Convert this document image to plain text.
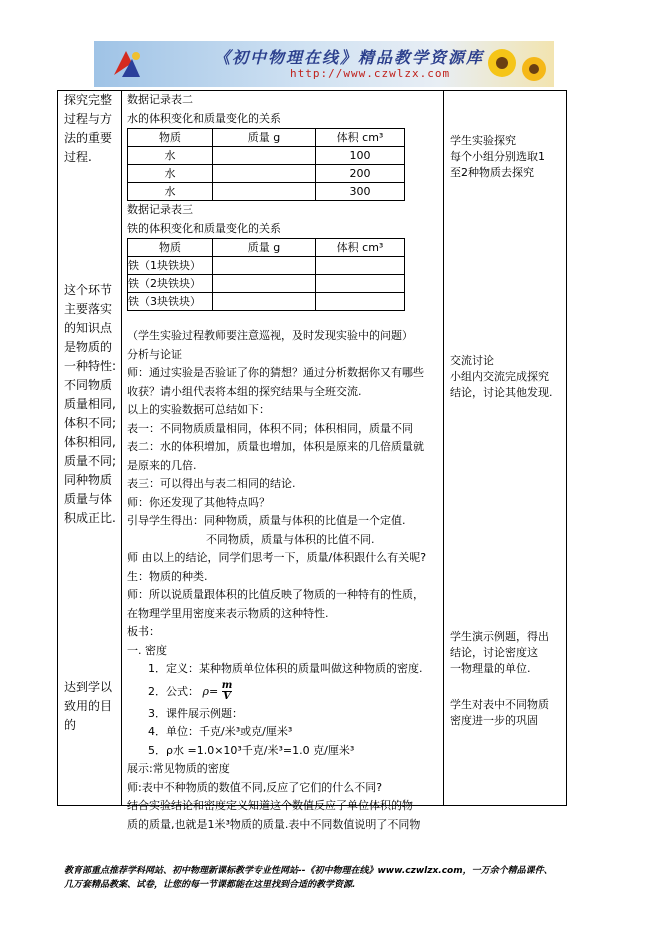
《初中物理在线》精品教学资源库
http://www.czwlzx.com
探究完整
过程与方
法的重要
过程.
这个环节
主要落实
的知识点
是物质的
一种特性:
不同物质
质量相同,
体积不同;
体积相同,
质量不同;
同种物质
质量与体
积成正比.
达到学以
致用的目
的

数据记录表二
水的体积变化和质量变化的关系
物质	质量 g	体积 cm³
水		100
水		200
水		300
数据记录表三
铁的体积变化和质量变化的关系
物质	质量 g	体积 cm³
铁（1块铁块）		
铁（2块铁块）		
铁（3块铁块）		
（学生实验过程教师要注意巡视，及时发现实验中的问题）
分析与论证
师：通过实验是否验证了你的猜想？通过分析数据你又有哪些
收获？请小组代表将本组的探究结果与全班交流.
以上的实验数据可总结如下：
表一：不同物质质量相同，体积不同；体积相同，质量不同
表二：水的体积增加，质量也增加，体积是原来的几倍质量就
是原来的几倍.
表三：可以得出与表二相同的结论.
师：你还发现了其他特点吗？
引导学生得出：同种物质，质量与体积的比值是一个定值.
不同物质，质量与体积的比值不同.
师 由以上的结论，同学们思考一下，质量/体积跟什么有关呢?
生：物质的种类.
师：所以说质量跟体积的比值反映了物质的一种特有的性质，
在物理学里用密度来表示物质的这种特性.
板书：
一. 密度
1．定义：某种物质单位体积的质量叫做这种物质的密度.
2．公式： $\rho= \frac{m}{V}$
3．课件展示例题：
4．单位：千克/米³或克/厘米³
5．ρ水 =1.0×10³千克/米³=1.0 克/厘米³
展示:常见物质的密度
师:表中不种物质的数值不同,反应了它们的什么不同?
结合实验结论和密度定义知道这个数值反应了单位体积的物
质的质量,也就是1米³物质的质量.表中不同数值说明了不同物

学生实验探究
每个小组分别选取1
至2种物质去探究
交流讨论
小组内交流完成探究
结论，讨论其他发现.
学生演示例题，得出
结论，讨论密度这
一物理量的单位.
学生对表中不同物质
密度进一步的巩固
教育部重点推荐学科网站、初中物理新课标教学专业性网站--《初中物理在线》www.czwlzx.com，一万余个精品课件、
几万套精品教案、试卷，让您的每一节课都能在这里找到合适的教学资源.
